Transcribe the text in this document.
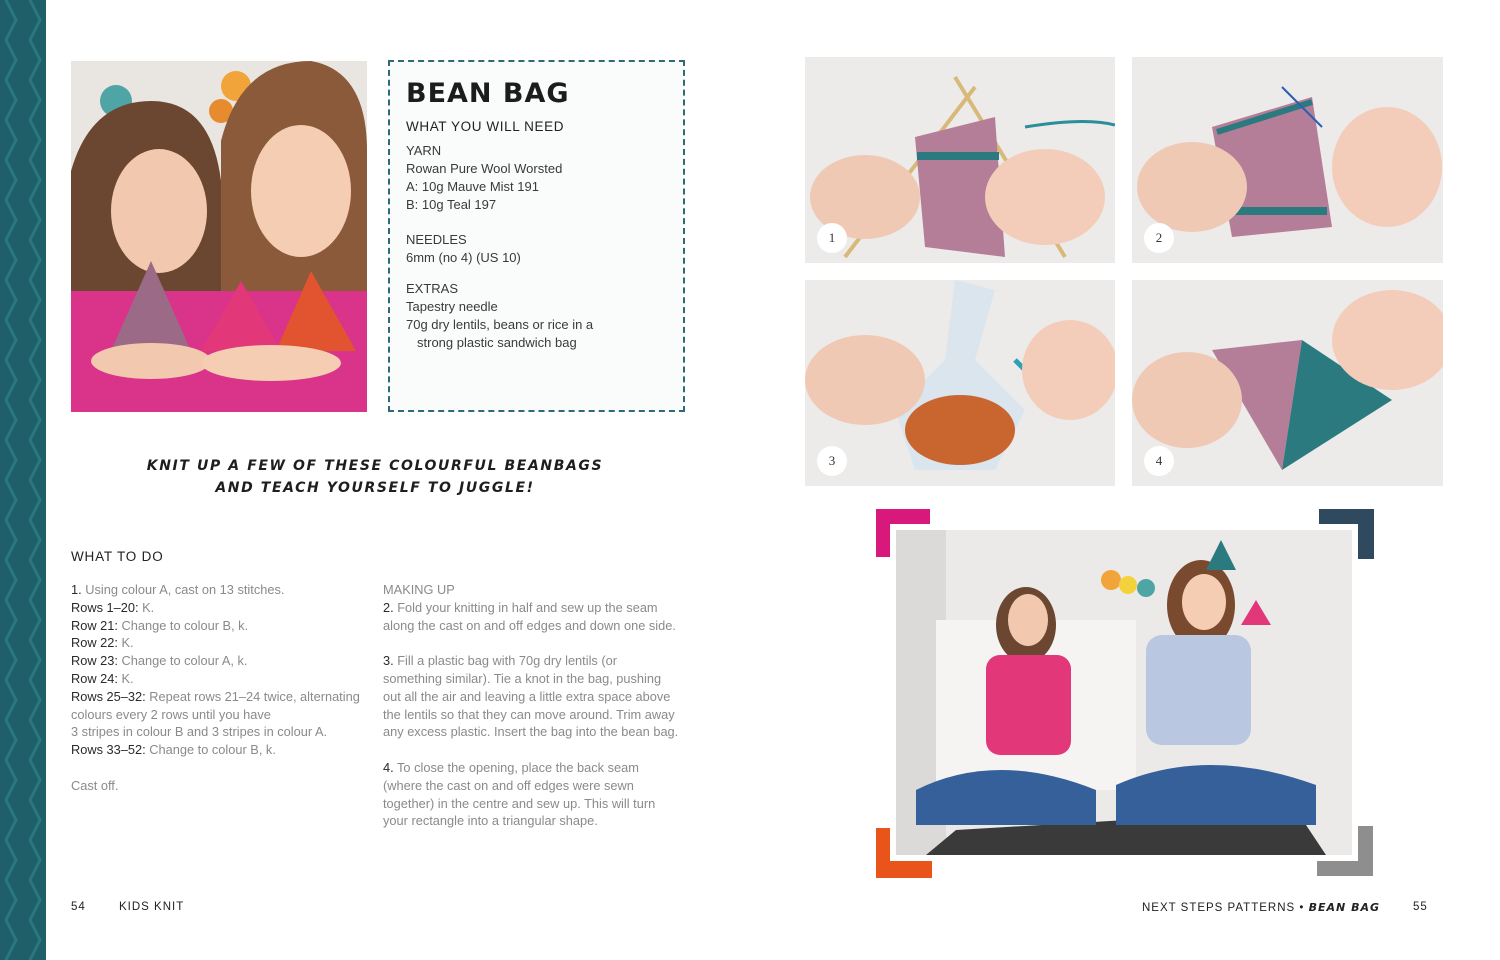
BEAN BAG
WHAT YOU WILL NEED
YARN
Rowan Pure Wool Worsted
A: 10g Mauve Mist 191
B: 10g Teal 197
NEEDLES
6mm (no 4) (US 10)
EXTRAS
Tapestry needle
70g dry lentils, beans or rice in a
strong plastic sandwich bag
KNIT UP A FEW OF THESE COLOURFUL BEANBAGS
AND TEACH YOURSELF TO JUGGLE!
WHAT TO DO
1. Using colour A, cast on 13 stitches.
Rows 1–20: K.
Row 21: Change to colour B, k.
Row 22: K.
Row 23: Change to colour A, k.
Row 24: K.
Rows 25–32: Repeat rows 21–24 twice, alternating
colours every 2 rows until you have
3 stripes in colour B and 3 stripes in colour A.
Rows 33–52: Change to colour B, k.
Cast off.
MAKING UP
2. Fold your knitting in half and sew up the seam
along the cast on and off edges and down one side.
3. Fill a plastic bag with 70g dry lentils (or
something similar). Tie a knot in the bag, pushing
out all the air and leaving a little extra space above
the lentils so that they can move around. Trim away
any excess plastic. Insert the bag into the bean bag.
4. To close the opening, place the back seam
(where the cast on and off edges were sewn
together) in the centre and sew up. This will turn
your rectangle into a triangular shape.
1	2
3	4
54	KIDS KNIT	NEXT STEPS PATTERNS • BEAN BAG	55
